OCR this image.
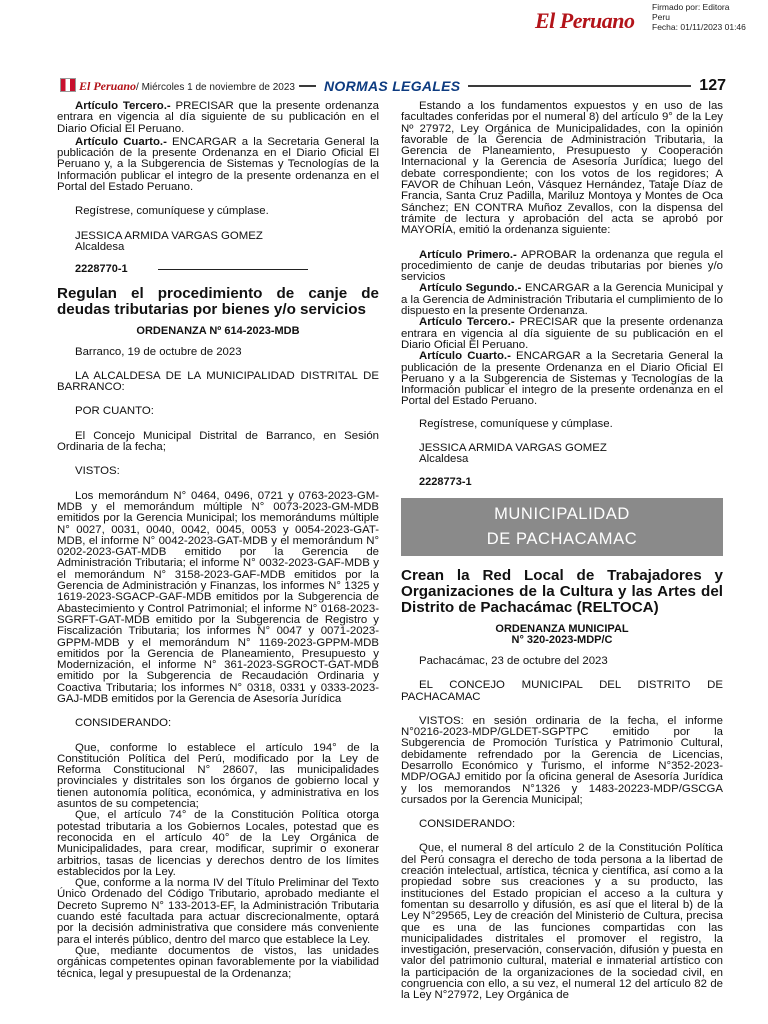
El Peruano
Firmado por: Editora
Peru
Fecha: 01/11/2023 01:46
El Peruano/ Miércoles 1 de noviembre de 2023	NORMAS LEGALES	127

Artículo Tercero.- PRECISAR que la presente ordenanza entrara en vigencia al día siguiente de su publicación en el Diario Oficial El Peruano.

Artículo Cuarto.- ENCARGAR a la Secretaria General la publicación de la presente Ordenanza en el Diario Oficial El Peruano y, a la Subgerencia de Sistemas y Tecnologías de la Información publicar el integro de la presente ordenanza en el Portal del Estado Peruano.

Regístrese, comuníquese y cúmplase.

JESSICA ARMIDA VARGAS GOMEZ
Alcaldesa
2228770-1
Regulan el procedimiento de canje de deudas tributarias por bienes y/o servicios
ORDENANZA Nº 614-2023-MDB

Barranco, 19 de octubre de 2023

LA ALCALDESA DE LA MUNICIPALIDAD DISTRITAL DE BARRANCO:

POR CUANTO:

El Concejo Municipal Distrital de Barranco, en Sesión Ordinaria de la fecha;

VISTOS:

Los memorándum N° 0464, 0496, 0721 y 0763-2023-GM-MDB y el memorándum múltiple N° 0073-2023-GM-MDB emitidos por la Gerencia Municipal; los memorándums múltiple N° 0027, 0031, 0040, 0042, 0045, 0053 y 0054-2023-GAT-MDB, el informe N° 0042-2023-GAT-MDB y el memorándum N° 0202-2023-GAT-MDB emitido por la Gerencia de Administración Tributaria; el informe N° 0032-2023-GAF-MDB y el memorándum N° 3158-2023-GAF-MDB emitidos por la Gerencia de Administración y Finanzas, los informes N° 1325 y 1619-2023-SGACP-GAF-MDB emitidos por la Subgerencia de Abastecimiento y Control Patrimonial; el informe N° 0168-2023-SGRFT-GAT-MDB emitido por la Subgerencia de Registro y Fiscalización Tributaria; los informes N° 0047 y 0071-2023-GPPM-MDB y el memorándum N° 1169-2023-GPPM-MDB emitidos por la Gerencia de Planeamiento, Presupuesto y Modernización, el informe N° 361-2023-SGROCT-GAT-MDB emitido por la Subgerencia de Recaudación Ordinaria y Coactiva Tributaria; los informes N° 0318, 0331 y 0333-2023-GAJ-MDB emitidos por la Gerencia de Asesoría Jurídica

CONSIDERANDO:

Que, conforme lo establece el artículo 194° de la Constitución Política del Perú, modificado por la Ley de Reforma Constitucional N° 28607, las municipalidades provinciales y distritales son los órganos de gobierno local y tienen autonomía política, económica, y administrativa en los asuntos de su competencia;

Que, el artículo 74° de la Constitución Política otorga potestad tributaria a los Gobiernos Locales, potestad que es reconocida en el artículo 40° de la Ley Orgánica de Municipalidades, para crear, modificar, suprimir o exonerar arbitrios, tasas de licencias y derechos dentro de los límites establecidos por la Ley.

Que, conforme a la norma IV del Título Preliminar del Texto Único Ordenado del Código Tributario, aprobado mediante el Decreto Supremo N° 133-2013-EF, la Administración Tributaria cuando esté facultada para actuar discrecionalmente, optará por la decisión administrativa que considere más conveniente para el interés público, dentro del marco que establece la Ley.

Que, mediante documentos de vistos, las unidades orgánicas competentes opinan favorablemente por la viabilidad técnica, legal y presupuestal de la Ordenanza;

Estando a los fundamentos expuestos y en uso de las facultades conferidas por el numeral 8) del artículo 9° de la Ley Nº 27972, Ley Orgánica de Municipalidades, con la opinión favorable de la Gerencia de Administración Tributaria, la Gerencia de Planeamiento, Presupuesto y Cooperación Internacional y la Gerencia de Asesoría Jurídica; luego del debate correspondiente; con los votos de los regidores; A FAVOR de Chihuan León, Vásquez Hernández, Tataje Díaz de Francia, Santa Cruz Padilla, Mariluz Montoya y Montes de Oca Sánchez; EN CONTRA Muñoz Zevallos, con la dispensa del trámite de lectura y aprobación del acta se aprobó por MAYORÍA, emitió la ordenanza siguiente:

Artículo Primero.- APROBAR la ordenanza que regula el procedimiento de canje de deudas tributarias por bienes y/o servicios

Artículo Segundo.- ENCARGAR a la Gerencia Municipal y a la Gerencia de Administración Tributaria el cumplimiento de lo dispuesto en la presente Ordenanza.

Artículo Tercero.- PRECISAR que la presente ordenanza entrara en vigencia al día siguiente de su publicación en el Diario Oficial El Peruano.

Artículo Cuarto.- ENCARGAR a la Secretaria General la publicación de la presente Ordenanza en el Diario Oficial El Peruano y a la Subgerencia de Sistemas y Tecnologías de la Información publicar el integro de la presente ordenanza en el Portal del Estado Peruano.

Regístrese, comuníquese y cúmplase.

JESSICA ARMIDA VARGAS GOMEZ
Alcaldesa
2228773-1
MUNICIPALIDAD
DE PACHACAMAC
Crean la Red Local de Trabajadores y Organizaciones de la Cultura y las Artes del Distrito de Pachacámac (RELTOCA)
ORDENANZA MUNICIPAL
N° 320-2023-MDP/C

Pachacámac, 23 de octubre del 2023

EL CONCEJO MUNICIPAL DEL DISTRITO DE PACHACAMAC

VISTOS: en sesión ordinaria de la fecha, el informe N°0216-2023-MDP/GLDET-SGPTPC emitido por la Subgerencia de Promoción Turística y Patrimonio Cultural, debidamente refrendado por la Gerencia de Licencias, Desarrollo Económico y Turismo, el informe N°352-2023-MDP/OGAJ emitido por la oficina general de Asesoría Jurídica y los memorandos N°1326 y 1483-20223-MDP/GSCGA cursados por la Gerencia Municipal;

CONSIDERANDO:

Que, el numeral 8 del artículo 2 de la Constitución Política del Perú consagra el derecho de toda persona a la libertad de creación intelectual, artística, técnica y científica, así como a la propiedad sobre sus creaciones y a su producto, las instituciones del Estado propician el acceso a la cultura y fomentan su desarrollo y difusión, es así que el literal b) de la Ley N°29565, Ley de creación del Ministerio de Cultura, precisa que es una de las funciones compartidas con las municipalidades distritales el promover el registro, la investigación, preservación, conservación, difusión y puesta en valor del patrimonio cultural, material e inmaterial artístico con la participación de la organizaciones de la sociedad civil, en congruencia con ello, a su vez, el numeral 12 del artículo 82 de la Ley N°27972, Ley Orgánica de
